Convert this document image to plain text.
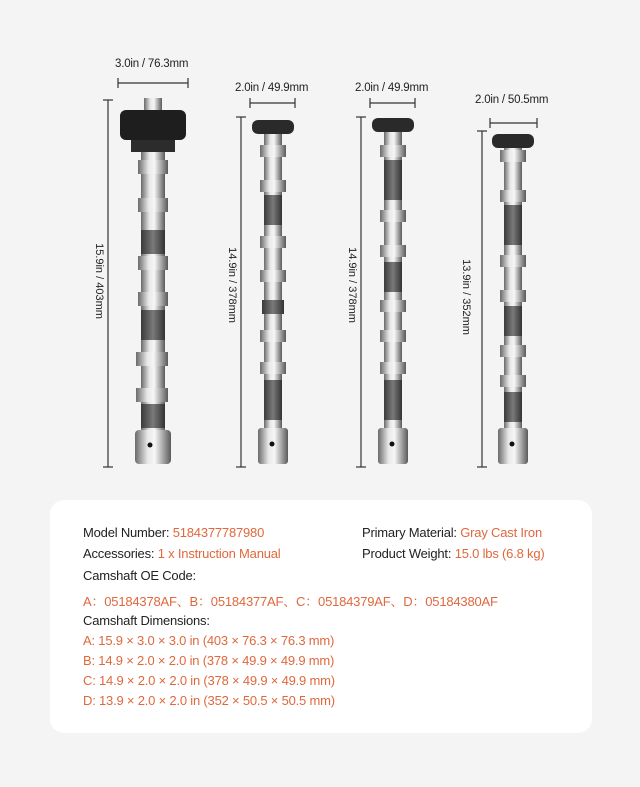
3.0in / 76.3mm
2.0in / 49.9mm	2.0in / 49.9mm
2.0in / 50.5mm
15.9in / 403mm	14.9in / 378mm	14.9in / 378mm	13.9in / 352mm
Model Number: 5184377787980	Primary Material: Gray Cast Iron
Accessories: 1 x Instruction Manual	Product Weight: 15.0 lbs (6.8 kg)
Camshaft OE Code:
A：05184378AF、B：05184377AF、C：05184379AF、D：05184380AF
Camshaft Dimensions:
A: 15.9 × 3.0 × 3.0 in (403 × 76.3 × 76.3 mm)
B: 14.9 × 2.0 × 2.0 in (378 × 49.9 × 49.9 mm)
C: 14.9 × 2.0 × 2.0 in (378 × 49.9 × 49.9 mm)
D: 13.9 × 2.0 × 2.0 in (352 × 50.5 × 50.5 mm)
